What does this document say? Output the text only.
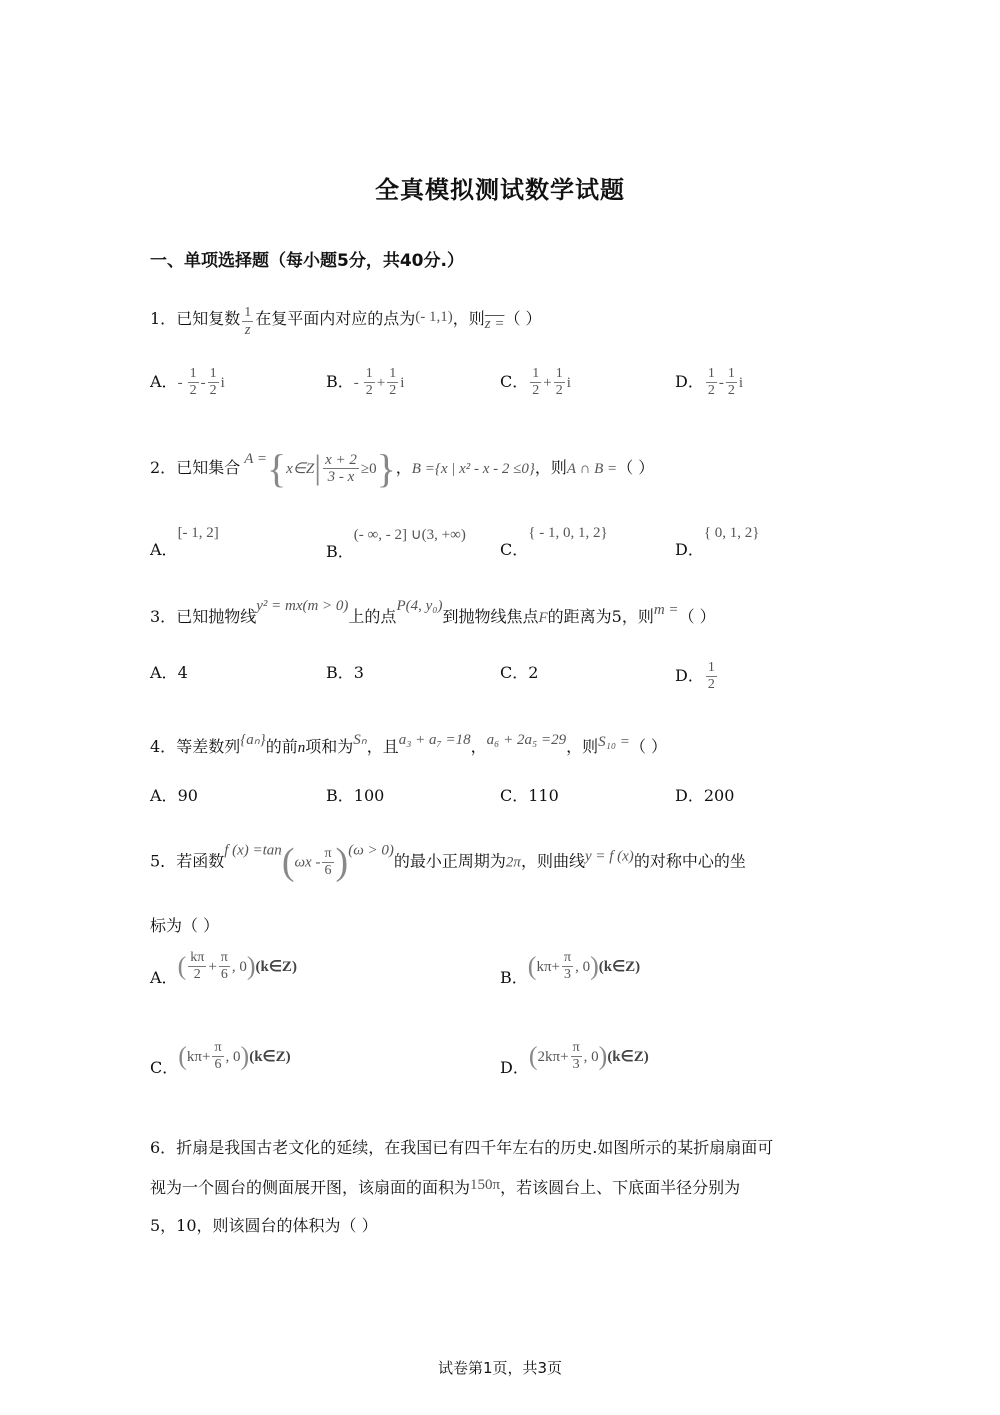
全真模拟测试数学试题
一、单项选择题（每小题5分，共40分.）
1．已知复数 $\frac{1}{z}$ 在复平面内对应的点为(- 1,1)，则z =（ ）
A．- $\frac{1}{2} - \frac{1}{2}$ i	B．- $\frac{1}{2} + \frac{1}{2}$ i	C． $\frac{1}{2} + \frac{1}{2}$ i	D． $\frac{1}{2} - \frac{1}{2}$ i
2．已知集合 A ={x∈Z| $\frac{x + 2}{3 - x} \ge 0$}，B ={x | x² - x - 2 ≤0}，则A ∩ B =（ ）
A．[- 1, 2]
B．(- ∞, - 2] ∪(3, +∞)
C．{ - 1, 0, 1, 2}
D．{ 0, 1, 2}
3．已知抛物线y² = mx(m > 0)上的点P(4, y₀)到抛物线焦点F的距离为5，则m =（ ）
A．4	B．3	C．2	D． $\frac{1}{2}$
4．等差数列{aₙ}的前n项和为Sₙ，且a₃ + a₇ =18，a₆ + 2a₅ =29，则S₁₀ =（ ）
A．90	B．100	C．110	D．200
5．若函数f $(x) =\tan(\omega x - \frac{\pi}{6} )(\omega > 0)$的最小正周期为2π，则曲线y = f (x)的对称中心的坐
标为（ ）
A．( $\frac{k\pi}{2} + \frac{\pi}{6}$ , 0)(k∈Z)
B．($k\pi+ \frac{\pi}{3}$ , 0)(k∈Z)
C．($k\pi+ \frac{\pi}{6}$ , 0)(k∈Z)
D．($2k\pi+ \frac{\pi}{3}$ , 0)(k∈Z)
6．折扇是我国古老文化的延续，在我国已有四千年左右的历史.如图所示的某折扇扇面可
视为一个圆台的侧面展开图，该扇面的面积为150π，若该圆台上、下底面半径分别为
5，10，则该圆台的体积为（ ）
试卷第1页，共3页
